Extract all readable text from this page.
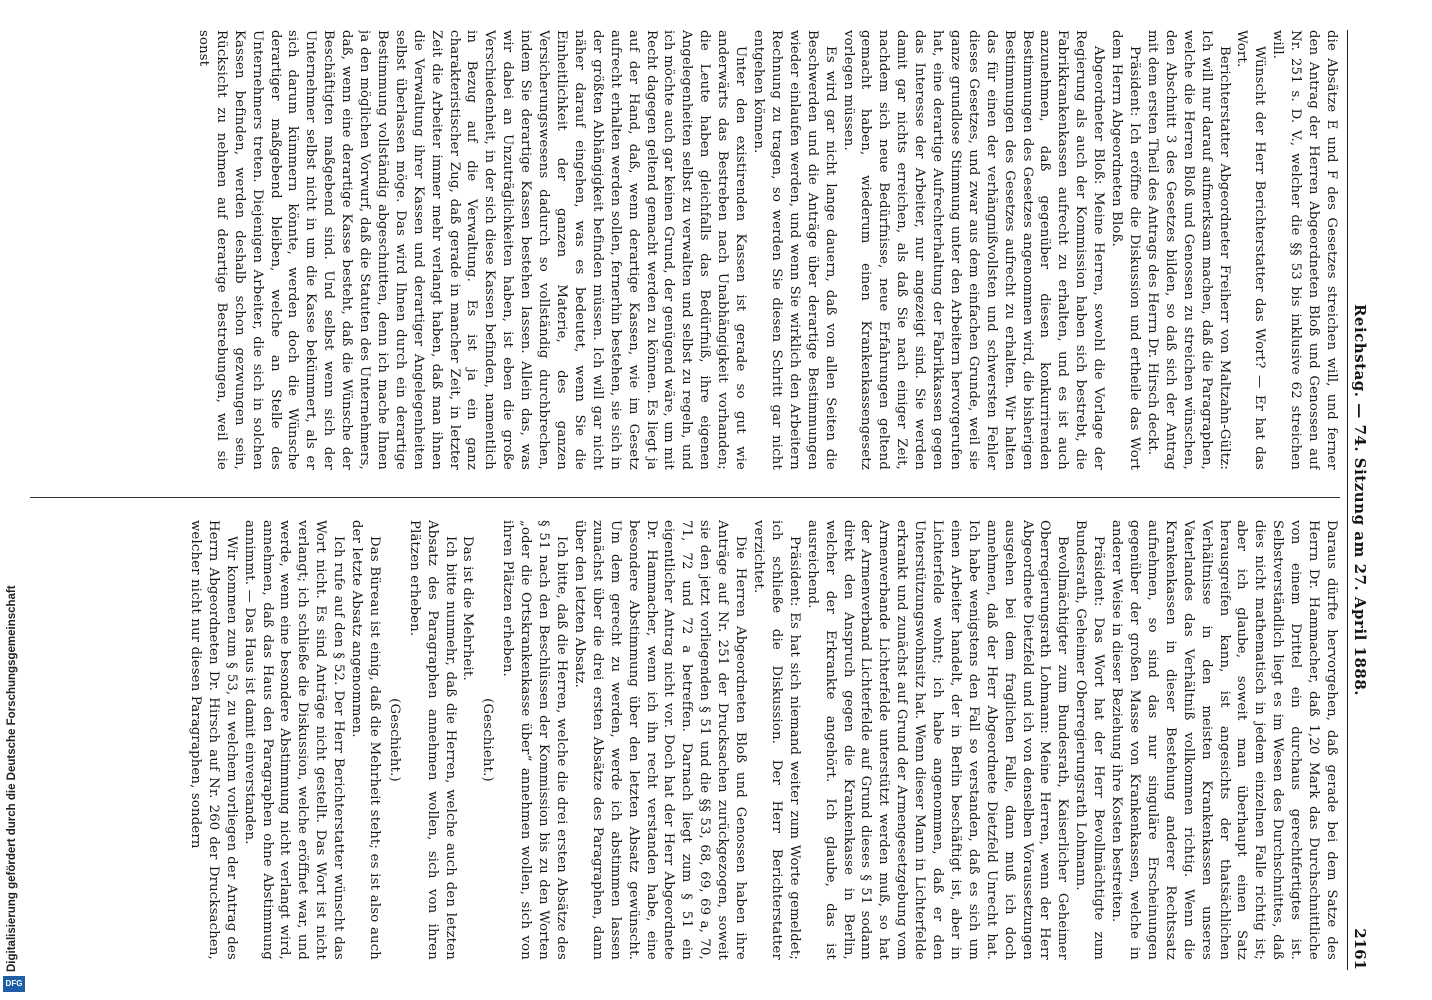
Reichstag. — 74. Sitzung am 27. April 1888.
2161

die Absätze E und F des Gesetzes streichen will, und ferner den Antrag der Herren Abgeordneten Bloß und Genossen auf Nr. 251 s. D. V., welcher die §§ 53 bis inklusive 62 streichen will.

Wünscht der Herr Berichterstatter das Wort? — Er hat das Wort.

Berichterstatter Abgeordneter Freiherr von Maltzahn-Gültz: Ich will nur darauf aufmerksam machen, daß die Paragraphen, welche die Herren Bloß und Genossen zu streichen wünschen, den Abschnitt 3 des Gesetzes bilden, so daß sich der Antrag mit dem ersten Theil des Antrags des Herrn Dr. Hirsch deckt.

Präsident: Ich eröffne die Diskussion und ertheile das Wort dem Herrn Abgeordneten Bloß.

Abgeordneter Bloß: Meine Herren, sowohl die Vorlage der Regierung als auch der Kommission haben sich bestrebt, die Fabrikkrankenkassen aufrecht zu erhalten, und es ist auch anzunehmen, daß gegenüber diesen konkurrirenden Bestimmungen des Gesetzes angenommen wird, die bisherigen Bestimmungen des Gesetzes aufrecht zu erhalten. Wir halten das für einen der verhängnißvollsten und schwersten Fehler dieses Gesetzes, und zwar aus dem einfachen Grunde, weil sie ganze grundlose Stimmung unter den Arbeitern hervorgerufen hat, eine derartige Aufrechterhaltung der Fabrikkassen gegen das Interesse der Arbeiter, nur angezeigt sind. Sie werden damit gar nichts erreichen, als daß Sie nach einiger Zeit, nachdem sich neue Bedürfnisse, neue Erfahrungen geltend gemacht haben, wiederum einen Krankenkassengesetz vorlegen müssen.

Es wird gar nicht lange dauern, daß von allen Seiten die Beschwerden und die Anträge über derartige Bestimmungen wieder einlaufen werden, und wenn Sie wirklich den Arbeitern Rechnung zu tragen, so werden Sie diesen Schritt gar nicht entgehen können.

Unter den existirenden Kassen ist gerade so gut wie anderwärts das Bestreben nach Unabhängigkeit vorhanden; die Leute haben gleichfalls das Bedürfniß, ihre eigenen Angelegenheiten selbst zu verwalten und selbst zu regeln, und ich möchte auch gar keinen Grund, der genügend wäre, um mit Recht dagegen geltend gemacht werden zu können. Es liegt ja auf der Hand, daß, wenn derartige Kassen, wie im Gesetz aufrecht erhalten werden sollen, fernerhin bestehen, sie sich in der größten Abhängigkeit befinden müssen. Ich will gar nicht näher darauf eingehen, was es bedeutet, wenn Sie die Einheitlichkeit der ganzen Materie, des ganzen Versicherungswesens dadurch so vollständig durchbrechen, indem Sie derartige Kassen bestehen lassen. Allein das, was wir dabei an Unzuträglichkeiten haben, ist eben die große Verschiedenheit, in der sich diese Kassen befinden, namentlich in Bezug auf die Verwaltung. Es ist ja ein ganz charakteristischer Zug, daß gerade in mancher Zeit, in letzter Zeit die Arbeiter immer mehr verlangt haben, daß man ihnen die Verwaltung ihrer Kassen und derartiger Angelegenheiten selbst überlassen möge. Das wird Ihnen durch ein derartige Bestimmung vollständig abgeschnitten, denn ich mache Ihnen ja den möglichen Vorwurf, daß die Statuten des Unternehmers, daß, wenn eine derartige Kasse besteht, daß die Wünsche der Beschäftigten maßgebend sind. Und selbst wenn sich der Unternehmer selbst nicht in um die Kasse bekümmert, als er sich darum kümmern könnte, werden doch die Wünsche derartiger maßgebend bleiben, welche an Stelle des Unternehmers treten. Diejenigen Arbeiter, die sich in solchen Kassen befinden, werden deshalb schon gezwungen sein, Rücksicht zu nehmen auf derartige Bestrebungen, weil sie sonst

Daraus dürfte hervorgehen, daß gerade bei dem Satze des Herrn Dr. Hammacher, daß 1,20 Mark das Durchschnittliche von einem Drittel ein durchaus gerechtfertigtes ist. Selbstverständlich liegt es im Wesen des Durchschnittes, daß dies nicht mathematisch in jedem einzelnen Falle richtig ist; aber ich glaube, soweit man überhaupt einen Satz herausgreifen kann, ist angesichts der thatsächlichen Verhältnisse in den meisten Krankenkassen unseres Vaterlandes das Verhältniß vollkommen richtig. Wenn die Krankenkassen in dieser Bestehung anderer Rechtssatz aufnehmen, so sind das nur singuläre Erscheinungen gegenüber der großen Masse von Krankenkassen, welche in anderer Weise in dieser Beziehung ihre Kosten bestreiten.

Präsident: Das Wort hat der Herr Bevollmächtigte zum Bundesrath, Geheimer Oberregierungsrath Lohmann.

Bevollmächtigter zum Bundesrath, Kaiserlicher Geheimer Oberregierungsrath Lohmann: Meine Herren, wenn der Herr Abgeordnete Dietzfeld und ich von denselben Voraussetzungen ausgehen bei dem fraglichen Falle, dann muß ich doch annehmen, daß der Herr Abgeordnete Dietzfeld Unrecht hat. Ich habe wenigstens den Fall so verstanden, daß es sich um einen Arbeiter handelt, der in Berlin beschäftigt ist, aber in Lichterfelde wohnt; ich habe angenommen, daß er den Unterstützungswohnsitz hat. Wenn dieser Mann in Lichterfelde erkrankt und zunächst auf Grund der Armengesetzgebung vom Armenverbande Lichterfelde unterstützt werden muß, so hat der Armenverband Lichterfelde auf Grund dieses § 51 sodann direkt den Anspruch gegen die Krankenkasse in Berlin, welcher der Erkrankte angehört. Ich glaube, das ist ausreichend.

Präsident: Es hat sich niemand weiter zum Worte gemeldet; ich schließe die Diskussion. Der Herr Berichterstatter verzichtet.

Die Herren Abgeordneten Bloß und Genossen haben ihre Anträge auf Nr. 251 der Drucksachen zurückgezogen, soweit sie den jetzt vorliegenden § 51 und die §§ 53, 68, 69, 69 a, 70, 71, 72 und 72 a betreffen. Darnach liegt zum § 51 ein eigentlicher Antrag nicht vor. Doch hat der Herr Abgeordnete Dr. Hammacher, wenn ich ihn recht verstanden habe, eine besondere Abstimmung über den letzten Absatz gewünscht. Um dem gerecht zu werden, werde ich abstimmen lassen zunächst über die drei ersten Absätze des Paragraphen, dann über den letzten Absatz.

Ich bitte, daß die Herren, welche die drei ersten Absätze des § 51 nach den Beschlüssen der Kommission bis zu den Worten „oder die Ortskrankenkasse über“ annehmen wollen, sich von ihren Plätzen erheben.

(Geschieht.)

Das ist die Mehrheit.

Ich bitte nunmehr, daß die Herren, welche auch den letzten Absatz des Paragraphen annehmen wollen, sich von ihren Plätzen erheben.

(Geschieht.)

Das Büreau ist einig, daß die Mehrheit steht; es ist also auch der letzte Absatz angenommen.

Ich rufe auf den § 52. Der Herr Berichterstatter wünscht das Wort nicht. Es sind Anträge nicht gestellt. Das Wort ist nicht verlangt; ich schließe die Diskussion, welche eröffnet war, und werde, wenn eine besondere Abstimmung nicht verlangt wird, annehmen, daß das Haus den Paragraphen ohne Abstimmung annimmt. — Das Haus ist damit einverstanden.

Wir kommen zum § 53, zu welchem vorliegen der Antrag des Herrn Abgeordneten Dr. Hirsch auf Nr. 260 der Drucksachen, welcher nicht nur diesen Paragraphen, sondern

Digitalisierung gefördert durch die Deutsche Forschungsgemeinschaft
DFG
